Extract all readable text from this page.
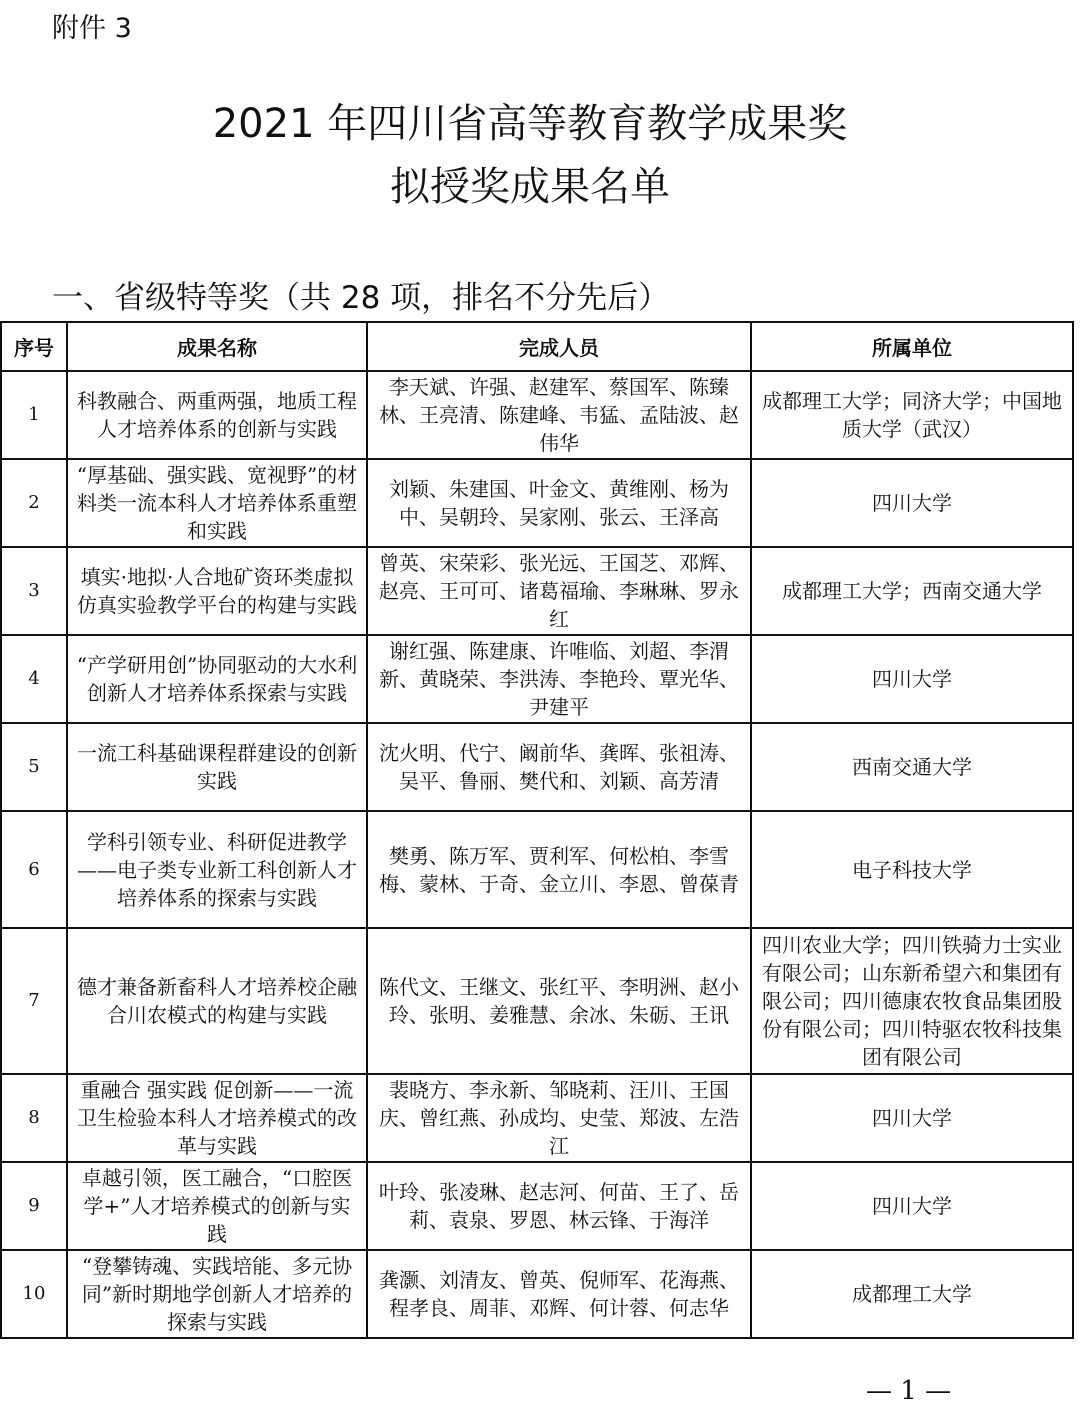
附件 3
2021 年四川省高等教育教学成果奖
拟授奖成果名单
一、省级特等奖（共 28 项，排名不分先后）
序号	成果名称	完成人员	所属单位
1	科教融合、两重两强，地质工程人才培养体系的创新与实践	李天斌、许强、赵建军、蔡国军、陈臻林、王亮清、陈建峰、韦猛、孟陆波、赵伟华	成都理工大学；同济大学；中国地质大学（武汉）
2	“厚基础、强实践、宽视野”的材料类一流本科人才培养体系重塑和实践	刘颖、朱建国、叶金文、黄维刚、杨为中、吴朝玲、吴家刚、张云、王泽高	四川大学
3	填实·地拟·人合地矿资环类虚拟仿真实验教学平台的构建与实践	曾英、宋荣彩、张光远、王国芝、邓辉、赵亮、王可可、诸葛福瑜、李琳琳、罗永红	成都理工大学；西南交通大学
4	“产学研用创”协同驱动的大水利创新人才培养体系探索与实践	谢红强、陈建康、许唯临、刘超、李渭新、黄晓荣、李洪涛、李艳玲、覃光华、尹建平	四川大学
5	一流工科基础课程群建设的创新实践	沈火明、代宁、阚前华、龚晖、张祖涛、吴平、鲁丽、樊代和、刘颖、高芳清	西南交通大学
6	学科引领专业、科研促进教学——电子类专业新工科创新人才培养体系的探索与实践	樊勇、陈万军、贾利军、何松柏、李雪梅、蒙林、于奇、金立川、李恩、曾葆青	电子科技大学
7	德才兼备新畜科人才培养校企融合川农模式的构建与实践	陈代文、王继文、张红平、李明洲、赵小玲、张明、姜雅慧、余冰、朱砺、王讯	四川农业大学；四川铁骑力士实业有限公司；山东新希望六和集团有限公司；四川德康农牧食品集团股份有限公司；四川特驱农牧科技集团有限公司
8	重融合 强实践 促创新——一流卫生检验本科人才培养模式的改革与实践	裴晓方、李永新、邹晓莉、汪川、王国庆、曾红燕、孙成均、史莹、郑波、左浩江	四川大学
9	卓越引领，医工融合，“口腔医学+”人才培养模式的创新与实践	叶玲、张凌琳、赵志河、何苗、王了、岳莉、袁泉、罗恩、林云锋、于海洋	四川大学
10	“登攀铸魂、实践培能、多元协同”新时期地学创新人才培养的探索与实践	龚灏、刘清友、曾英、倪师军、花海燕、程孝良、周菲、邓辉、何计蓉、何志华	成都理工大学
— 1 —
